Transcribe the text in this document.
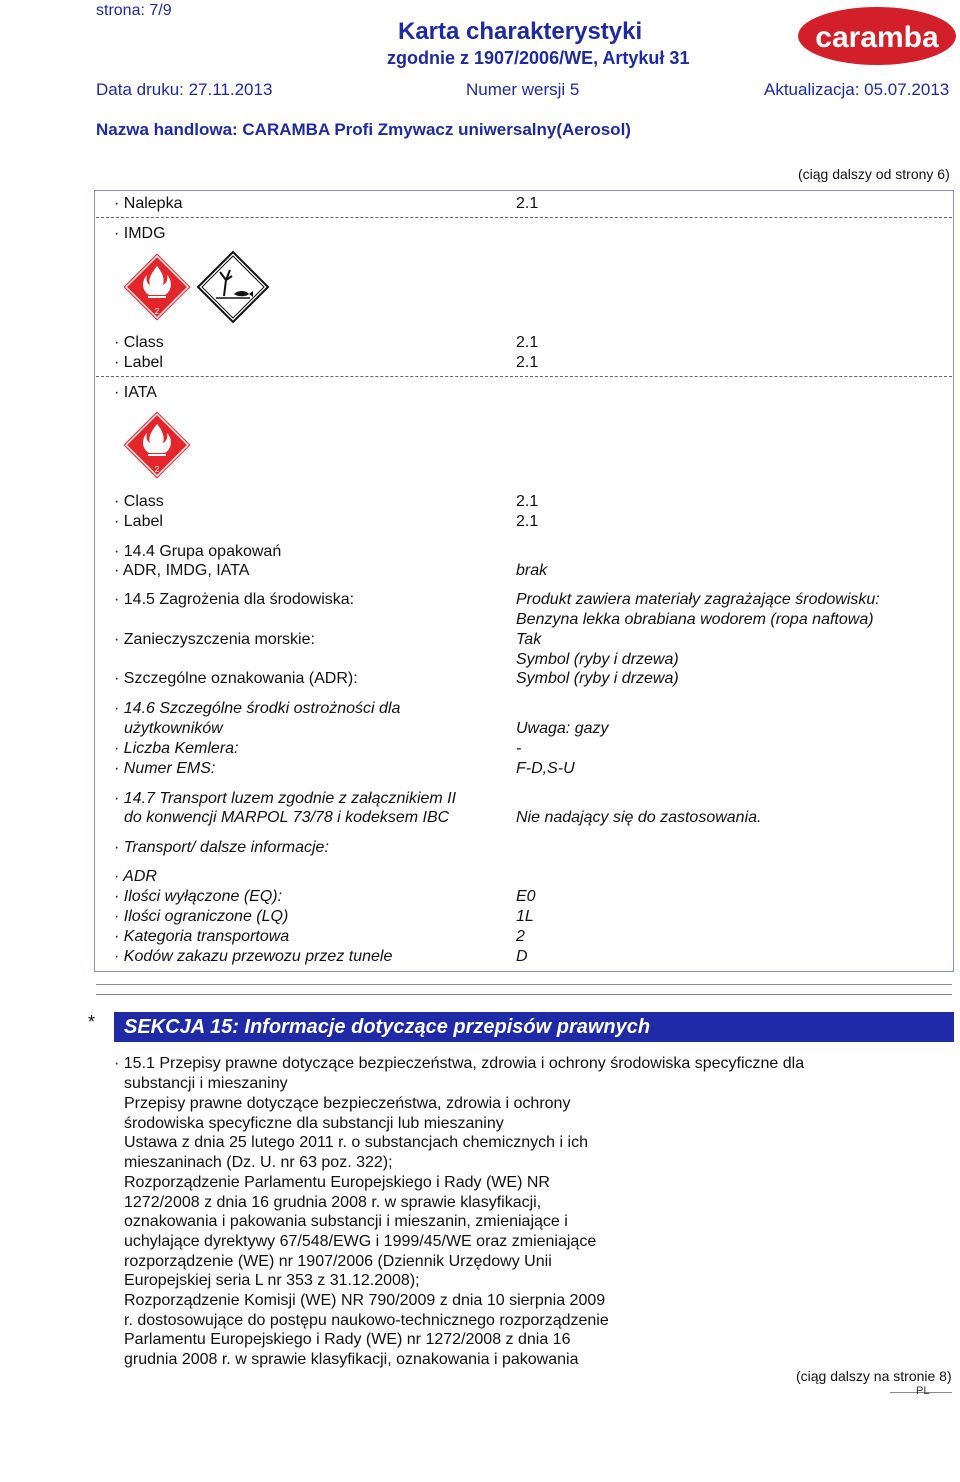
strona: 7/9
Karta charakterystyki
zgodnie z 1907/2006/WE, Artykuł 31
caramba
Data druku: 27.11.2013	Numer wersji 5	Aktualizacja: 05.07.2013
Nazwa handlowa: CARAMBA Profi Zmywacz uniwersalny(Aerosol)
(ciąg dalszy od strony 6)
· Nalepka	2.1
· IMDG
2
· Class	2.1
· Label	2.1
· IATA
2
· Class	2.1
· Label	2.1
· 14.4 Grupa opakowań
· ADR, IMDG, IATA	brak
· 14.5 Zagrożenia dla środowiska:	Produkt zawiera materiały zagrażające środowisku:
Benzyna lekka obrabiana wodorem (ropa naftowa)
· Zanieczyszczenia morskie:	Tak
Symbol (ryby i drzewa)
· Szczególne oznakowania (ADR):	Symbol (ryby i drzewa)
· 14.6 Szczególne środki ostrożności dla
użytkowników	Uwaga: gazy
· Liczba Kemlera:	-
· Numer EMS:	F-D,S-U
· 14.7 Transport luzem zgodnie z załącznikiem II
do konwencji MARPOL 73/78 i kodeksem IBC	Nie nadający się do zastosowania.
· Transport/ dalsze informacje:
· ADR
· Ilości wyłączone (EQ):	E0
· Ilości ograniczone (LQ)	1L
· Kategoria transportowa	2
· Kodów zakazu przewozu przez tunele	D
* SEKCJA 15: Informacje dotyczące przepisów prawnych
· 15.1 Przepisy prawne dotyczące bezpieczeństwa, zdrowia i ochrony środowiska specyficzne dla
substancji i mieszaniny
Przepisy prawne dotyczące bezpieczeństwa, zdrowia i ochrony
środowiska specyficzne dla substancji lub mieszaniny
Ustawa z dnia 25 lutego 2011 r. o substancjach chemicznych i ich
mieszaninach (Dz. U. nr 63 poz. 322);
Rozporządzenie Parlamentu Europejskiego i Rady (WE) NR
1272/2008 z dnia 16 grudnia 2008 r. w sprawie klasyfikacji,
oznakowania i pakowania substancji i mieszanin, zmieniające i
uchylające dyrektywy 67/548/EWG i 1999/45/WE oraz zmieniające
rozporządzenie (WE) nr 1907/2006 (Dziennik Urzędowy Unii
Europejskiej seria L nr 353 z 31.12.2008);
Rozporządzenie Komisji (WE) NR 790/2009 z dnia 10 sierpnia 2009
r. dostosowujące do postępu naukowo-technicznego rozporządzenie
Parlamentu Europejskiego i Rady (WE) nr 1272/2008 z dnia 16
grudnia 2008 r. w sprawie klasyfikacji, oznakowania i pakowania
(ciąg dalszy na stronie 8)
PL
